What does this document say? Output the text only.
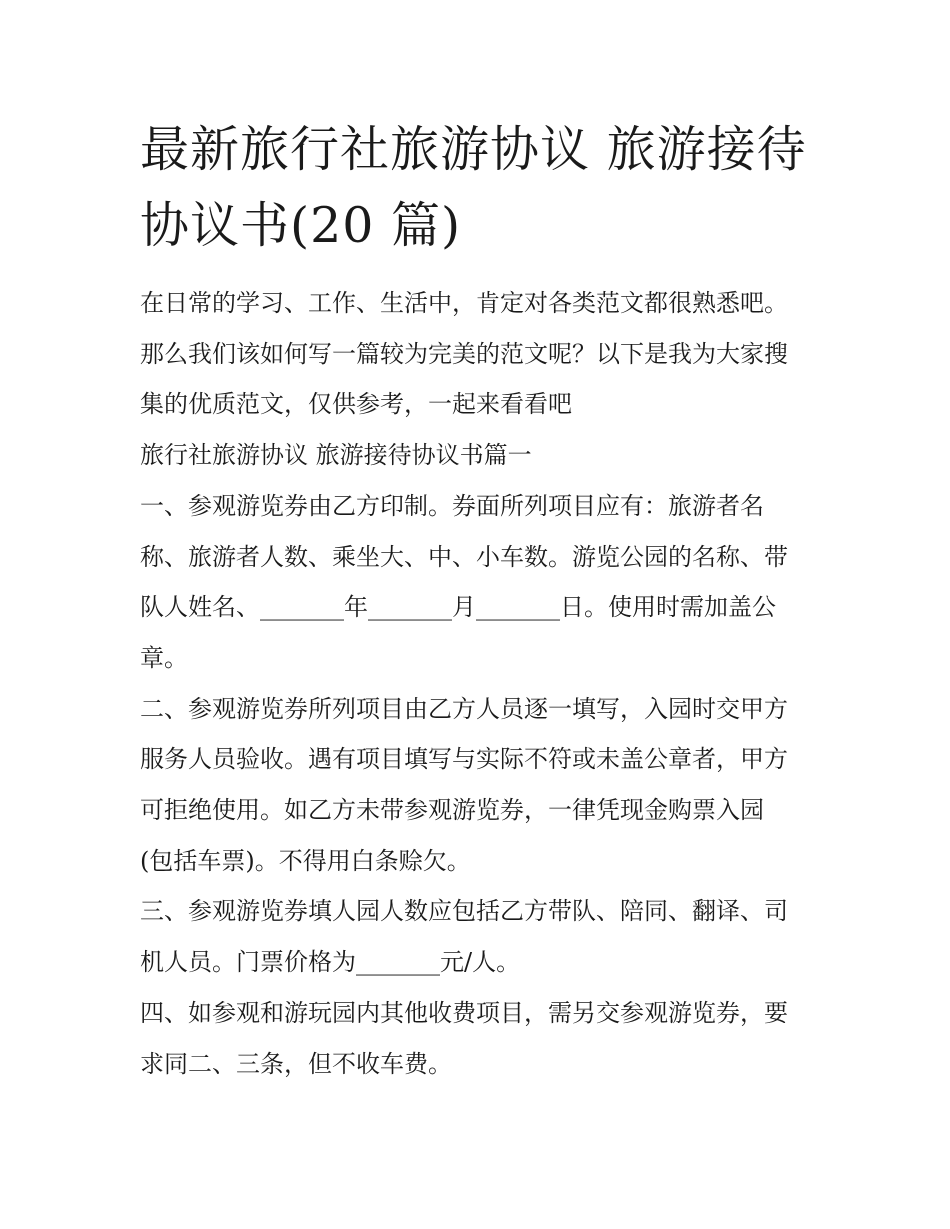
最新旅行社旅游协议 旅游接待
协议书(20 篇)
在日常的学习、工作、生活中，肯定对各类范文都很熟悉吧。
那么我们该如何写一篇较为完美的范文呢？以下是我为大家搜
集的优质范文，仅供参考，一起来看看吧
旅行社旅游协议 旅游接待协议书篇一
一、参观游览券由乙方印制。券面所列项目应有：旅游者名
称、旅游者人数、乘坐大、中、小车数。游览公园的名称、带
队人姓名、_______年_______月_______日。使用时需加盖公
章。
二、参观游览券所列项目由乙方人员逐一填写，入园时交甲方
服务人员验收。遇有项目填写与实际不符或未盖公章者，甲方
可拒绝使用。如乙方未带参观游览券，一律凭现金购票入园
(包括车票)。不得用白条赊欠。
三、参观游览券填人园人数应包括乙方带队、陪同、翻译、司
机人员。门票价格为_______元/人。
四、如参观和游玩园内其他收费项目，需另交参观游览券，要
求同二、三条，但不收车费。
